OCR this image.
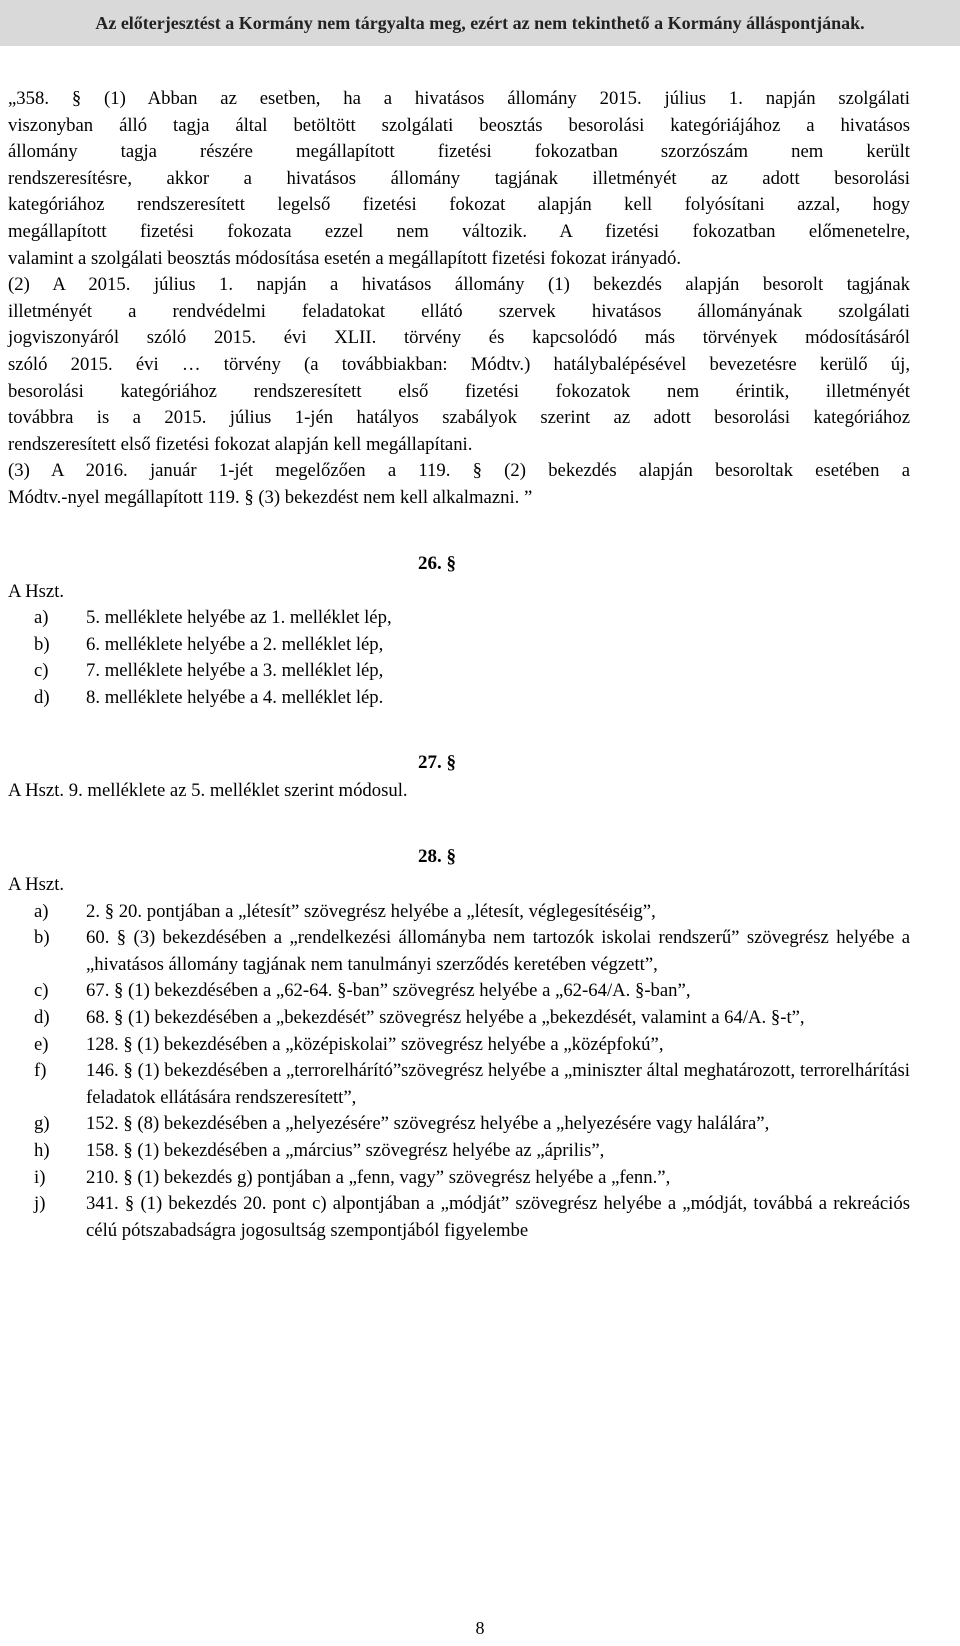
Az előterjesztést a Kormány nem tárgyalta meg, ezért az nem tekinthető a Kormány álláspontjának.

„358. § (1) Abban az esetben, ha a hivatásos állomány 2015. július 1. napján szolgálati

viszonyban álló tagja által betöltött szolgálati beosztás besorolási kategóriájához a hivatásos

állomány tagja részére megállapított fizetési fokozatban szorzószám nem került

rendszeresítésre, akkor a hivatásos állomány tagjának illetményét az adott besorolási

kategóriához rendszeresített legelső fizetési fokozat alapján kell folyósítani azzal, hogy

megállapított fizetési fokozata ezzel nem változik. A fizetési fokozatban előmenetelre,

valamint a szolgálati beosztás módosítása esetén a megállapított fizetési fokozat irányadó.

(2) A 2015. július 1. napján a hivatásos állomány (1) bekezdés alapján besorolt tagjának

illetményét a rendvédelmi feladatokat ellátó szervek hivatásos állományának szolgálati

jogviszonyáról szóló 2015. évi XLII. törvény és kapcsolódó más törvények módosításáról

szóló 2015. évi … törvény (a továbbiakban: Módtv.) hatálybalépésével bevezetésre kerülő új,

besorolási kategóriához rendszeresített első fizetési fokozatok nem érintik, illetményét

továbbra is a 2015. július 1-jén hatályos szabályok szerint az adott besorolási kategóriához

rendszeresített első fizetési fokozat alapján kell megállapítani.

(3) A 2016. január 1-jét megelőzően a 119. § (2) bekezdés alapján besoroltak esetében a

Módtv.-nyel megállapított 119. § (3) bekezdést nem kell alkalmazni. ”

26. §

A Hszt.

a)	5. melléklete helyébe az 1. melléklet lép,
b)	6. melléklete helyébe a 2. melléklet lép,
c)	7. melléklete helyébe a 3. melléklet lép,
d)	8. melléklete helyébe a 4. melléklet lép.
27. §

A Hszt. 9. melléklete az 5. melléklet szerint módosul.

28. §

A Hszt.

a)	2. § 20. pontjában a „létesít” szövegrész helyébe a „létesít, véglegesítéséig”,
b)	60. § (3) bekezdésében a „rendelkezési állományba nem tartozók iskolai rendszerű” szövegrész helyébe a „hivatásos állomány tagjának nem tanulmányi szerződés keretében végzett”,
c)	67. § (1) bekezdésében a „62-64. §-ban” szövegrész helyébe a „62-64/A. §-ban”,
d)	68. § (1) bekezdésében a „bekezdését” szövegrész helyébe a „bekezdését, valamint a 64/A. §-t”,
e)	128. § (1) bekezdésében a „középiskolai” szövegrész helyébe a „középfokú”,
f)	146. § (1) bekezdésében a „terrorelhárító”szövegrész helyébe a „miniszter által meghatározott, terrorelhárítási feladatok ellátására rendszeresített”,
g)	152. § (8) bekezdésében a „helyezésére” szövegrész helyébe a „helyezésére vagy halálára”,
h)	158. § (1) bekezdésében a „március” szövegrész helyébe az „április”,
i)	210. § (1) bekezdés g) pontjában a „fenn, vagy” szövegrész helyébe a „fenn.”,
j)	341. § (1) bekezdés 20. pont c) alpontjában a „módját” szövegrész helyébe a „módját, továbbá a rekreációs célú pótszabadságra jogosultság szempontjából figyelembe
8
